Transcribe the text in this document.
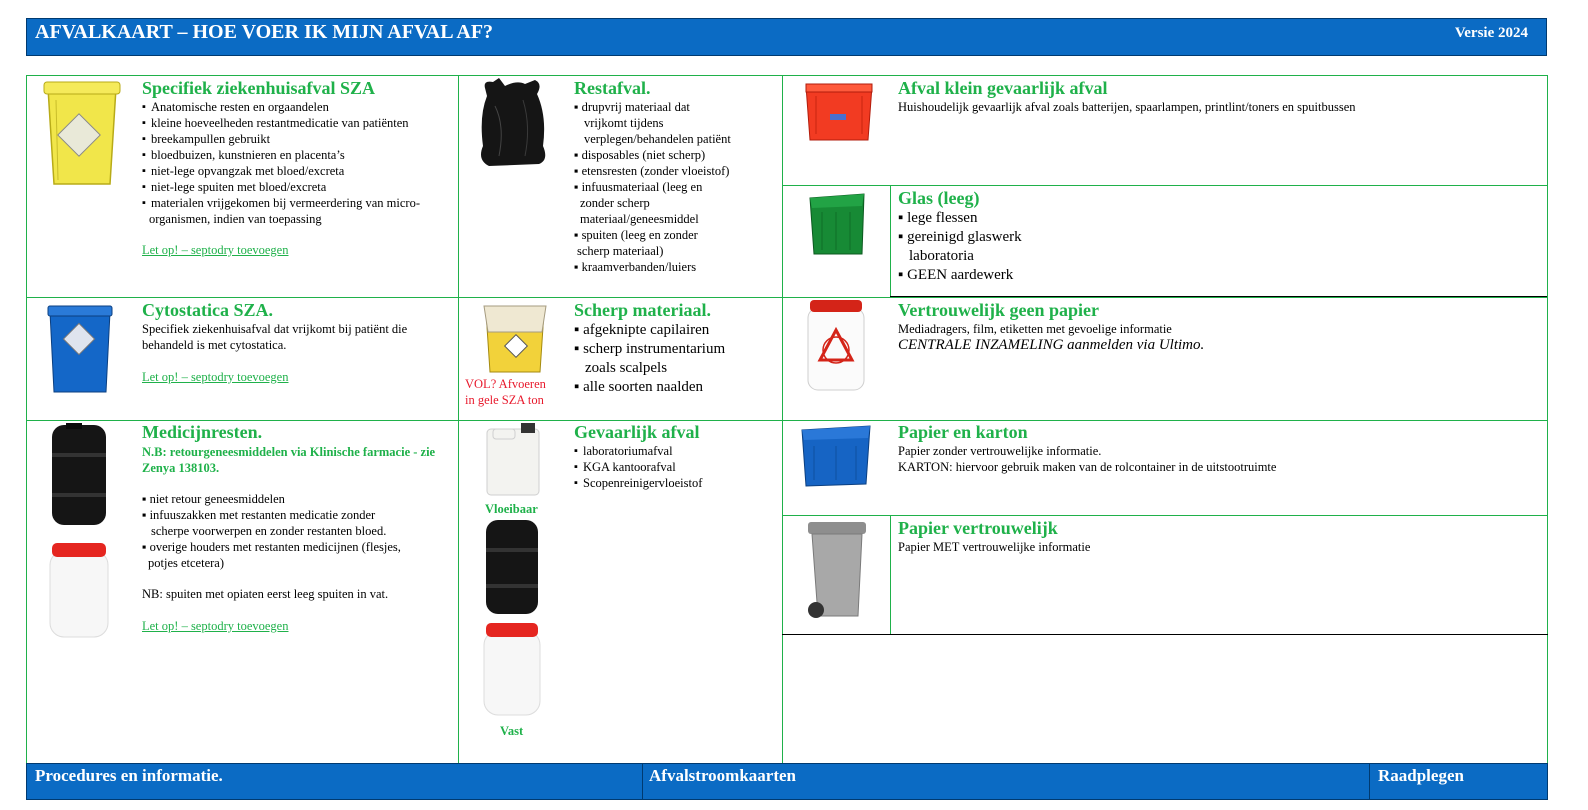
AFVALKAART – HOE VOER IK MIJN AFVAL AF?	Versie 2024
Specifiek ziekenhuisafval SZA
▪ Anatomische resten en orgaandelen
▪ kleine hoeveelheden restantmedicatie van patiënten
▪ breekampullen gebruikt
▪ bloedbuizen, kunstnieren en placenta’s
▪ niet-lege opvangzak met bloed/excreta
▪ niet-lege spuiten met bloed/excreta
▪ materialen vrijgekomen bij vermeerdering van micro-
organismen, indien van toepassing
Let op! – septodry toevoegen
Restafval.
▪ drupvrij materiaal dat
vrijkomt tijdens
verplegen/behandelen patiënt
▪ disposables (niet scherp)
▪ etensresten (zonder vloeistof)
▪ infuusmateriaal (leeg en
zonder scherp
materiaal/geneesmiddel
▪ spuiten (leeg en zonder
scherp materiaal)
▪ kraamverbanden/luiers
Afval klein gevaarlijk afval
Huishoudelijk gevaarlijk afval zoals batterijen, spaarlampen, printlint/toners en spuitbussen
Glas (leeg)
▪ lege flessen
▪ gereinigd glaswerk
laboratoria
▪ GEEN aardewerk
Cytostatica SZA.
Specifiek ziekenhuisafval dat vrijkomt bij patiënt die
behandeld is met cytostatica.
Let op! – septodry toevoegen	VOL? Afvoeren
in gele SZA ton
Scherp materiaal.
▪ afgeknipte capilairen
▪ scherp instrumentarium
zoals scalpels
▪ alle soorten naalden
Vertrouwelijk geen papier
Mediadragers, film, etiketten met gevoelige informatie
CENTRALE INZAMELING aanmelden via Ultimo.
Medicijnresten.
N.B: retourgeneesmiddelen via Klinische farmacie - zie
Zenya 138103.
▪ niet retour geneesmiddelen
▪ infuuszakken met restanten medicatie zonder
scherpe voorwerpen en zonder restanten bloed.
▪ overige houders met restanten medicijnen (flesjes,
potjes etcetera)
NB: spuiten met opiaten eerst leeg spuiten in vat.
Let op! – septodry toevoegen
Vloeibaar
Vast
Gevaarlijk afval
▪ laboratoriumafval
▪ KGA kantoorafval
▪ Scopenreinigervloeistof
Papier en karton
Papier zonder vertrouwelijke informatie.
KARTON: hiervoor gebruik maken van de rolcontainer in de uitstootruimte
Papier vertrouwelijk
Papier MET vertrouwelijke informatie
Procedures en informatie.	Afvalstroomkaarten	Raadplegen
